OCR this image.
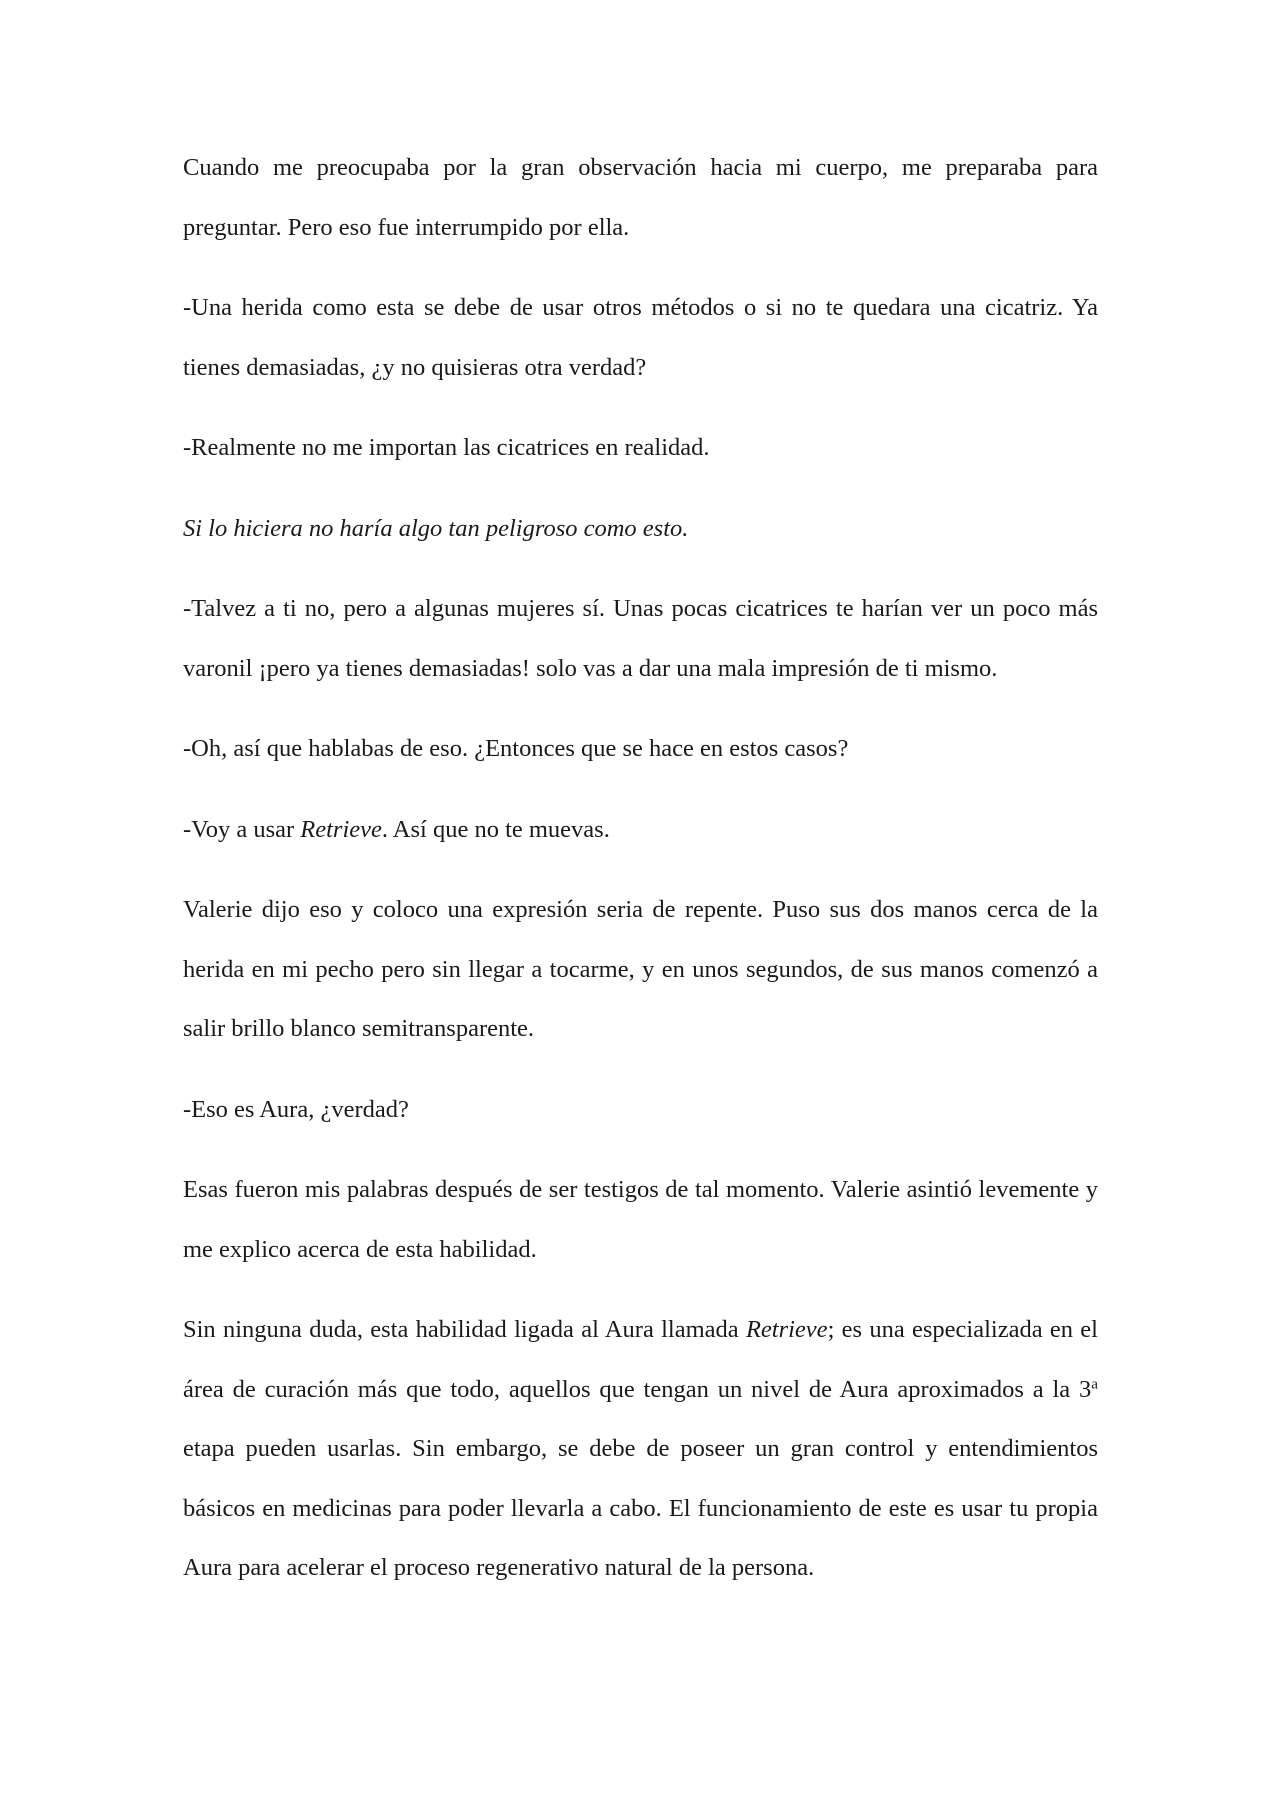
Cuando me preocupaba por la gran observación hacia mi cuerpo, me preparaba para preguntar. Pero eso fue interrumpido por ella.

-Una herida como esta se debe de usar otros métodos o si no te quedara una cicatriz. Ya tienes demasiadas, ¿y no quisieras otra verdad?

-Realmente no me importan las cicatrices en realidad.

Si lo hiciera no haría algo tan peligroso como esto.

-Talvez a ti no, pero a algunas mujeres sí. Unas pocas cicatrices te harían ver un poco más varonil ¡pero ya tienes demasiadas! solo vas a dar una mala impresión de ti mismo.

-Oh, así que hablabas de eso. ¿Entonces que se hace en estos casos?

-Voy a usar Retrieve. Así que no te muevas.

Valerie dijo eso y coloco una expresión seria de repente. Puso sus dos manos cerca de la herida en mi pecho pero sin llegar a tocarme, y en unos segundos, de sus manos comenzó a salir brillo blanco semitransparente.

-Eso es Aura, ¿verdad?

Esas fueron mis palabras después de ser testigos de tal momento. Valerie asintió levemente y me explico acerca de esta habilidad.

Sin ninguna duda, esta habilidad ligada al Aura llamada Retrieve; es una especializada en el área de curación más que todo, aquellos que tengan un nivel de Aura aproximados a la 3$^a$ etapa pueden usarlas. Sin embargo, se debe de poseer un gran control y entendimientos básicos en medicinas para poder llevarla a cabo. El funcionamiento de este es usar tu propia Aura para acelerar el proceso regenerativo natural de la persona.
